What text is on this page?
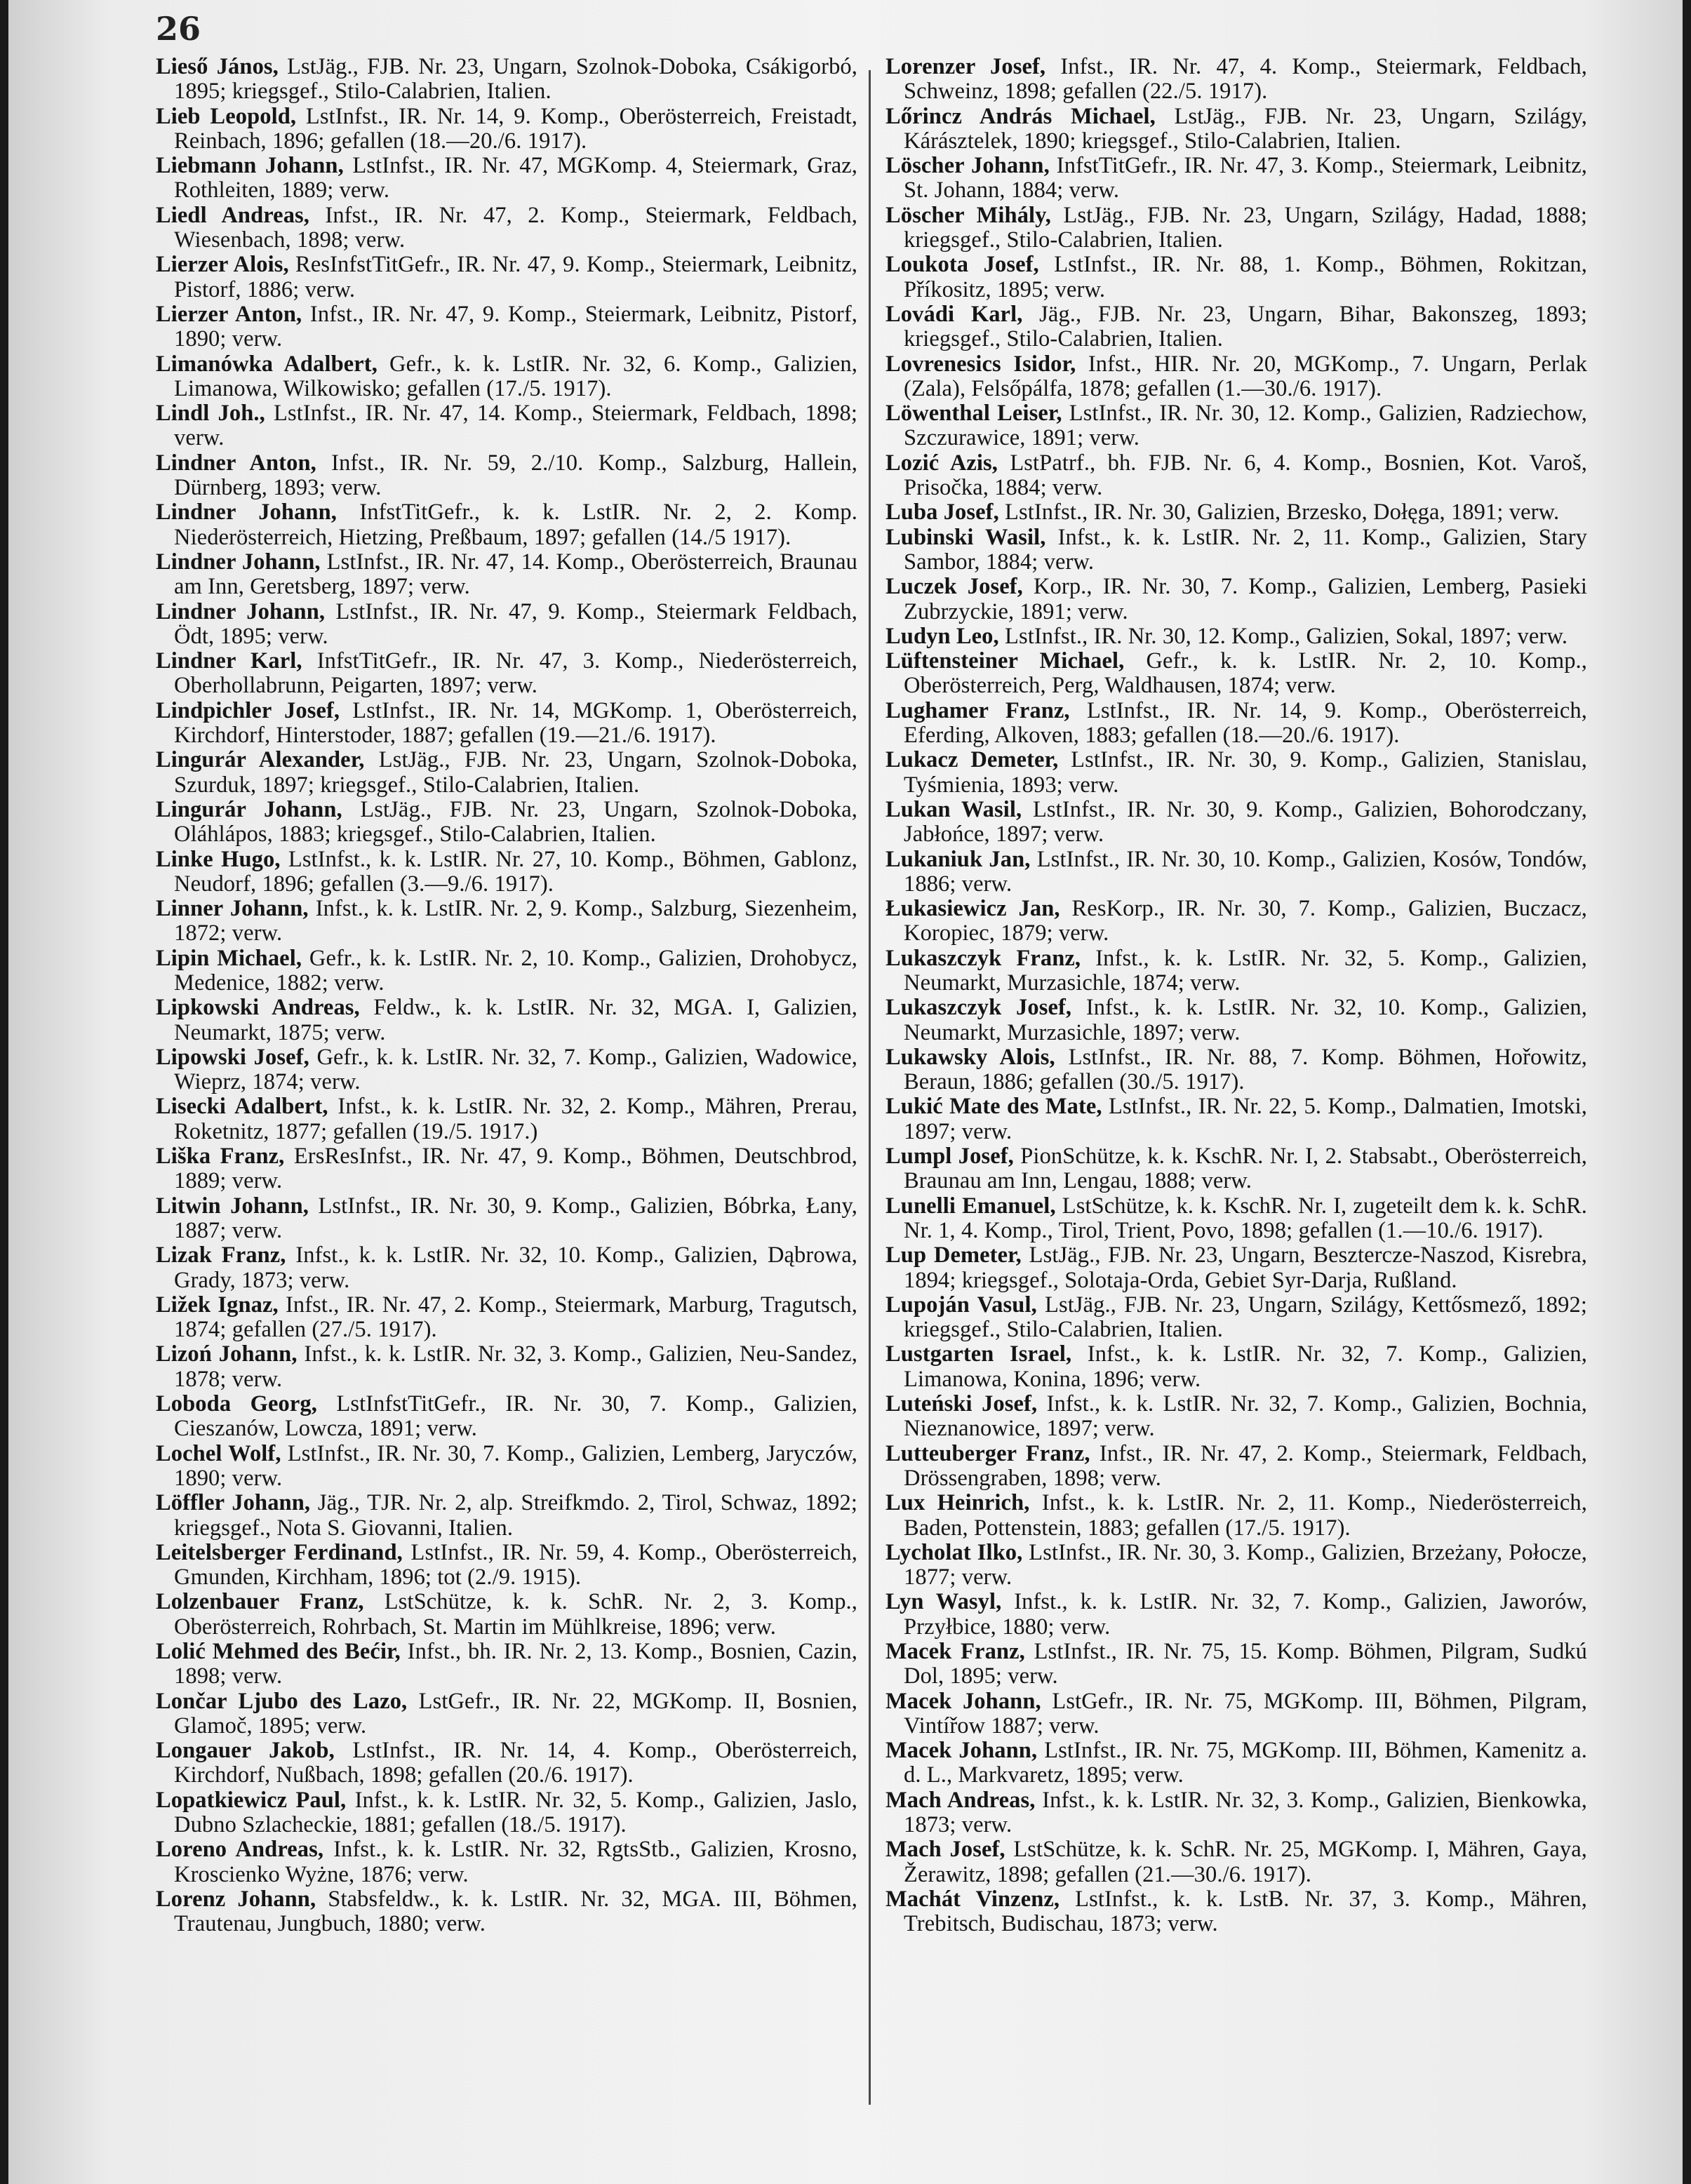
26

Lieső János, LstJäg., FJB. Nr. 23, Ungarn, Szolnok-Doboka, Csákigorbó, 1895; kriegsgef., Stilo-Calabrien, Italien.

Lieb Leopold, LstInfst., IR. Nr. 14, 9. Komp., Oberösterreich, Freistadt, Reinbach, 1896; gefallen (18.—20./6. 1917).

Liebmann Johann, LstInfst., IR. Nr. 47, MGKomp. 4, Steiermark, Graz, Rothleiten, 1889; verw.

Liedl Andreas, Infst., IR. Nr. 47, 2. Komp., Steiermark, Feldbach, Wiesenbach, 1898; verw.

Lierzer Alois, ResInfstTitGefr., IR. Nr. 47, 9. Komp., Steiermark, Leibnitz, Pistorf, 1886; verw.

Lierzer Anton, Infst., IR. Nr. 47, 9. Komp., Steiermark, Leibnitz, Pistorf, 1890; verw.

Limanówka Adalbert, Gefr., k. k. LstIR. Nr. 32, 6. Komp., Galizien, Limanowa, Wilkowisko; gefallen (17./5. 1917).

Lindl Joh., LstInfst., IR. Nr. 47, 14. Komp., Steiermark, Feldbach, 1898; verw.

Lindner Anton, Infst., IR. Nr. 59, 2./10. Komp., Salzburg, Hallein, Dürnberg, 1893; verw.

Lindner Johann, InfstTitGefr., k. k. LstIR. Nr. 2, 2. Komp. Niederösterreich, Hietzing, Preßbaum, 1897; gefallen (14./5 1917).

Lindner Johann, LstInfst., IR. Nr. 47, 14. Komp., Oberösterreich, Braunau am Inn, Geretsberg, 1897; verw.

Lindner Johann, LstInfst., IR. Nr. 47, 9. Komp., Steiermark Feldbach, Ödt, 1895; verw.

Lindner Karl, InfstTitGefr., IR. Nr. 47, 3. Komp., Niederösterreich, Oberhollabrunn, Peigarten, 1897; verw.

Lindpichler Josef, LstInfst., IR. Nr. 14, MGKomp. 1, Oberösterreich, Kirchdorf, Hinterstoder, 1887; gefallen (19.—21./6. 1917).

Lingurár Alexander, LstJäg., FJB. Nr. 23, Ungarn, Szolnok-Doboka, Szurduk, 1897; kriegsgef., Stilo-Calabrien, Italien.

Lingurár Johann, LstJäg., FJB. Nr. 23, Ungarn, Szolnok-Doboka, Oláhlápos, 1883; kriegsgef., Stilo-Calabrien, Italien.

Linke Hugo, LstInfst., k. k. LstIR. Nr. 27, 10. Komp., Böhmen, Gablonz, Neudorf, 1896; gefallen (3.—9./6. 1917).

Linner Johann, Infst., k. k. LstIR. Nr. 2, 9. Komp., Salzburg, Siezenheim, 1872; verw.

Lipin Michael, Gefr., k. k. LstIR. Nr. 2, 10. Komp., Galizien, Drohobycz, Medenice, 1882; verw.

Lipkowski Andreas, Feldw., k. k. LstIR. Nr. 32, MGA. I, Galizien, Neumarkt, 1875; verw.

Lipowski Josef, Gefr., k. k. LstIR. Nr. 32, 7. Komp., Galizien, Wadowice, Wieprz, 1874; verw.

Lisecki Adalbert, Infst., k. k. LstIR. Nr. 32, 2. Komp., Mähren, Prerau, Roketnitz, 1877; gefallen (19./5. 1917.)

Liška Franz, ErsResInfst., IR. Nr. 47, 9. Komp., Böhmen, Deutschbrod, 1889; verw.

Litwin Johann, LstInfst., IR. Nr. 30, 9. Komp., Galizien, Bóbrka, Łany, 1887; verw.

Lizak Franz, Infst., k. k. LstIR. Nr. 32, 10. Komp., Galizien, Dąbrowa, Grady, 1873; verw.

Ližek Ignaz, Infst., IR. Nr. 47, 2. Komp., Steiermark, Marburg, Tragutsch, 1874; gefallen (27./5. 1917).

Lizoń Johann, Infst., k. k. LstIR. Nr. 32, 3. Komp., Galizien, Neu-Sandez, 1878; verw.

Loboda Georg, LstInfstTitGefr., IR. Nr. 30, 7. Komp., Galizien, Cieszanów, Lowcza, 1891; verw.

Lochel Wolf, LstInfst., IR. Nr. 30, 7. Komp., Galizien, Lemberg, Jaryczów, 1890; verw.

Löffler Johann, Jäg., TJR. Nr. 2, alp. Streifkmdo. 2, Tirol, Schwaz, 1892; kriegsgef., Nota S. Giovanni, Italien.

Leitelsberger Ferdinand, LstInfst., IR. Nr. 59, 4. Komp., Oberösterreich, Gmunden, Kirchham, 1896; tot (2./9. 1915).

Lolzenbauer Franz, LstSchütze, k. k. SchR. Nr. 2, 3. Komp., Oberösterreich, Rohrbach, St. Martin im Mühlkreise, 1896; verw.

Lolić Mehmed des Bećir, Infst., bh. IR. Nr. 2, 13. Komp., Bosnien, Cazin, 1898; verw.

Lončar Ljubo des Lazo, LstGefr., IR. Nr. 22, MGKomp. II, Bosnien, Glamoč, 1895; verw.

Longauer Jakob, LstInfst., IR. Nr. 14, 4. Komp., Oberösterreich, Kirchdorf, Nußbach, 1898; gefallen (20./6. 1917).

Lopatkiewicz Paul, Infst., k. k. LstIR. Nr. 32, 5. Komp., Galizien, Jaslo, Dubno Szlacheckie, 1881; gefallen (18./5. 1917).

Loreno Andreas, Infst., k. k. LstIR. Nr. 32, RgtsStb., Galizien, Krosno, Kroscienko Wyżne, 1876; verw.

Lorenz Johann, Stabsfeldw., k. k. LstIR. Nr. 32, MGA. III, Böhmen, Trautenau, Jungbuch, 1880; verw.

Lorenzer Josef, Infst., IR. Nr. 47, 4. Komp., Steiermark, Feldbach, Schweinz, 1898; gefallen (22./5. 1917).

Lőrincz András Michael, LstJäg., FJB. Nr. 23, Ungarn, Szilágy, Kárásztelek, 1890; kriegsgef., Stilo-Calabrien, Italien.

Löscher Johann, InfstTitGefr., IR. Nr. 47, 3. Komp., Steiermark, Leibnitz, St. Johann, 1884; verw.

Löscher Mihály, LstJäg., FJB. Nr. 23, Ungarn, Szilágy, Hadad, 1888; kriegsgef., Stilo-Calabrien, Italien.

Loukota Josef, LstInfst., IR. Nr. 88, 1. Komp., Böhmen, Rokitzan, Příkositz, 1895; verw.

Lovádi Karl, Jäg., FJB. Nr. 23, Ungarn, Bihar, Bakonszeg, 1893; kriegsgef., Stilo-Calabrien, Italien.

Lovrenesics Isidor, Infst., HIR. Nr. 20, MGKomp., 7. Ungarn, Perlak (Zala), Felsőpálfa, 1878; gefallen (1.—30./6. 1917).

Löwenthal Leiser, LstInfst., IR. Nr. 30, 12. Komp., Galizien, Radziechow, Szczurawice, 1891; verw.

Lozić Azis, LstPatrf., bh. FJB. Nr. 6, 4. Komp., Bosnien, Kot. Varoš, Prisočka, 1884; verw.

Luba Josef, LstInfst., IR. Nr. 30, Galizien, Brzesko, Dołęga, 1891; verw.

Lubinski Wasil, Infst., k. k. LstIR. Nr. 2, 11. Komp., Galizien, Stary Sambor, 1884; verw.

Luczek Josef, Korp., IR. Nr. 30, 7. Komp., Galizien, Lemberg, Pasieki Zubrzyckie, 1891; verw.

Ludyn Leo, LstInfst., IR. Nr. 30, 12. Komp., Galizien, Sokal, 1897; verw.

Lüftensteiner Michael, Gefr., k. k. LstIR. Nr. 2, 10. Komp., Oberösterreich, Perg, Waldhausen, 1874; verw.

Lughamer Franz, LstInfst., IR. Nr. 14, 9. Komp., Oberösterreich, Eferding, Alkoven, 1883; gefallen (18.—20./6. 1917).

Lukacz Demeter, LstInfst., IR. Nr. 30, 9. Komp., Galizien, Stanislau, Tyśmienia, 1893; verw.

Lukan Wasil, LstInfst., IR. Nr. 30, 9. Komp., Galizien, Bohorodczany, Jabłońce, 1897; verw.

Lukaniuk Jan, LstInfst., IR. Nr. 30, 10. Komp., Galizien, Kosów, Tondów, 1886; verw.

Łukasiewicz Jan, ResKorp., IR. Nr. 30, 7. Komp., Galizien, Buczacz, Koropiec, 1879; verw.

Lukaszczyk Franz, Infst., k. k. LstIR. Nr. 32, 5. Komp., Galizien, Neumarkt, Murzasichle, 1874; verw.

Lukaszczyk Josef, Infst., k. k. LstIR. Nr. 32, 10. Komp., Galizien, Neumarkt, Murzasichle, 1897; verw.

Lukawsky Alois, LstInfst., IR. Nr. 88, 7. Komp. Böhmen, Hořowitz, Beraun, 1886; gefallen (30./5. 1917).

Lukić Mate des Mate, LstInfst., IR. Nr. 22, 5. Komp., Dalmatien, Imotski, 1897; verw.

Lumpl Josef, PionSchütze, k. k. KschR. Nr. I, 2. Stabsabt., Oberösterreich, Braunau am Inn, Lengau, 1888; verw.

Lunelli Emanuel, LstSchütze, k. k. KschR. Nr. I, zugeteilt dem k. k. SchR. Nr. 1, 4. Komp., Tirol, Trient, Povo, 1898; gefallen (1.—10./6. 1917).

Lup Demeter, LstJäg., FJB. Nr. 23, Ungarn, Besztercze-Naszod, Kisrebra, 1894; kriegsgef., Solotaja-Orda, Gebiet Syr-Darja, Rußland.

Lupoján Vasul, LstJäg., FJB. Nr. 23, Ungarn, Szilágy, Kettősmező, 1892; kriegsgef., Stilo-Calabrien, Italien.

Lustgarten Israel, Infst., k. k. LstIR. Nr. 32, 7. Komp., Galizien, Limanowa, Konina, 1896; verw.

Luteński Josef, Infst., k. k. LstIR. Nr. 32, 7. Komp., Galizien, Bochnia, Nieznanowice, 1897; verw.

Lutteuberger Franz, Infst., IR. Nr. 47, 2. Komp., Steiermark, Feldbach, Drössengraben, 1898; verw.

Lux Heinrich, Infst., k. k. LstIR. Nr. 2, 11. Komp., Niederösterreich, Baden, Pottenstein, 1883; gefallen (17./5. 1917).

Lycholat Ilko, LstInfst., IR. Nr. 30, 3. Komp., Galizien, Brzeżany, Połocze, 1877; verw.

Lyn Wasyl, Infst., k. k. LstIR. Nr. 32, 7. Komp., Galizien, Jaworów, Przyłbice, 1880; verw.

Macek Franz, LstInfst., IR. Nr. 75, 15. Komp. Böhmen, Pilgram, Sudkú Dol, 1895; verw.

Macek Johann, LstGefr., IR. Nr. 75, MGKomp. III, Böhmen, Pilgram, Vintířow 1887; verw.

Macek Johann, LstInfst., IR. Nr. 75, MGKomp. III, Böhmen, Kamenitz a. d. L., Markvaretz, 1895; verw.

Mach Andreas, Infst., k. k. LstIR. Nr. 32, 3. Komp., Galizien, Bienkowka, 1873; verw.

Mach Josef, LstSchütze, k. k. SchR. Nr. 25, MGKomp. I, Mähren, Gaya, Žerawitz, 1898; gefallen (21.—30./6. 1917).

Machát Vinzenz, LstInfst., k. k. LstB. Nr. 37, 3. Komp., Mähren, Trebitsch, Budischau, 1873; verw.
